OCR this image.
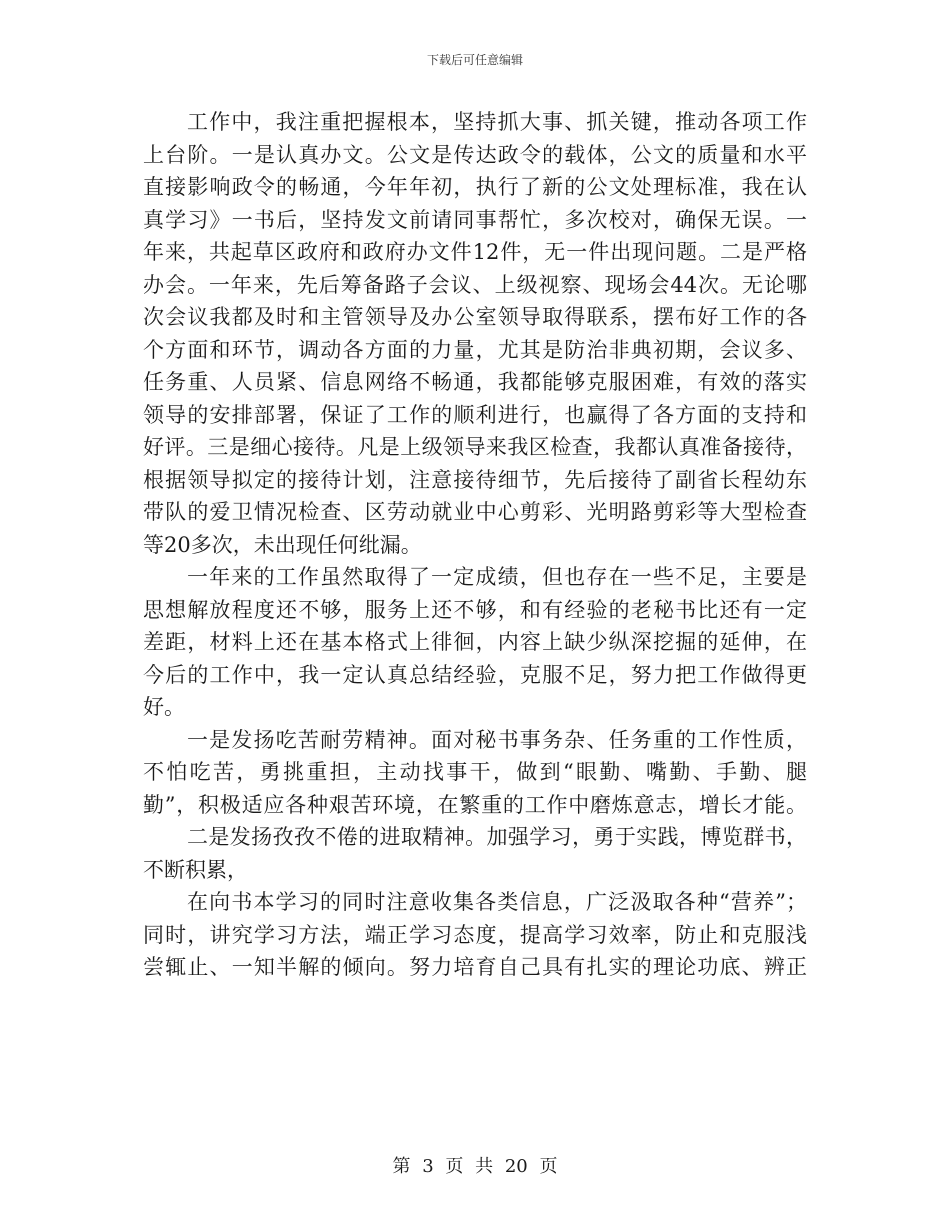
下载后可任意编辑
工作中，我注重把握根本，坚持抓大事、抓关键，推动各项工作
上台阶。一是认真办文。公文是传达政令的载体，公文的质量和水平
直接影响政令的畅通，今年年初，执行了新的公文处理标准，我在认
真学习》一书后，坚持发文前请同事帮忙，多次校对，确保无误。一
年来，共起草区政府和政府办文件12件，无一件出现问题。二是严格
办会。一年来，先后筹备路子会议、上级视察、现场会44次。无论哪
次会议我都及时和主管领导及办公室领导取得联系，摆布好工作的各
个方面和环节，调动各方面的力量，尤其是防治非典初期，会议多、
任务重、人员紧、信息网络不畅通，我都能够克服困难，有效的落实
领导的安排部署，保证了工作的顺利进行，也赢得了各方面的支持和
好评。三是细心接待。凡是上级领导来我区检查，我都认真准备接待，
根据领导拟定的接待计划，注意接待细节，先后接待了副省长程幼东
带队的爱卫情况检查、区劳动就业中心剪彩、光明路剪彩等大型检查
等20多次，未出现任何纰漏。
一年来的工作虽然取得了一定成绩，但也存在一些不足，主要是
思想解放程度还不够，服务上还不够，和有经验的老秘书比还有一定
差距，材料上还在基本格式上徘徊，内容上缺少纵深挖掘的延伸，在
今后的工作中，我一定认真总结经验，克服不足，努力把工作做得更
好。
一是发扬吃苦耐劳精神。面对秘书事务杂、任务重的工作性质，
不怕吃苦，勇挑重担，主动找事干，做到“眼勤、嘴勤、手勤、腿
勤”，积极适应各种艰苦环境，在繁重的工作中磨炼意志，增长才能。
二是发扬孜孜不倦的进取精神。加强学习，勇于实践，博览群书，
不断积累，
在向书本学习的同时注意收集各类信息，广泛汲取各种“营养”；
同时，讲究学习方法，端正学习态度，提高学习效率，防止和克服浅
尝辄止、一知半解的倾向。努力培育自己具有扎实的理论功底、辨正
第 3 页 共 20 页
